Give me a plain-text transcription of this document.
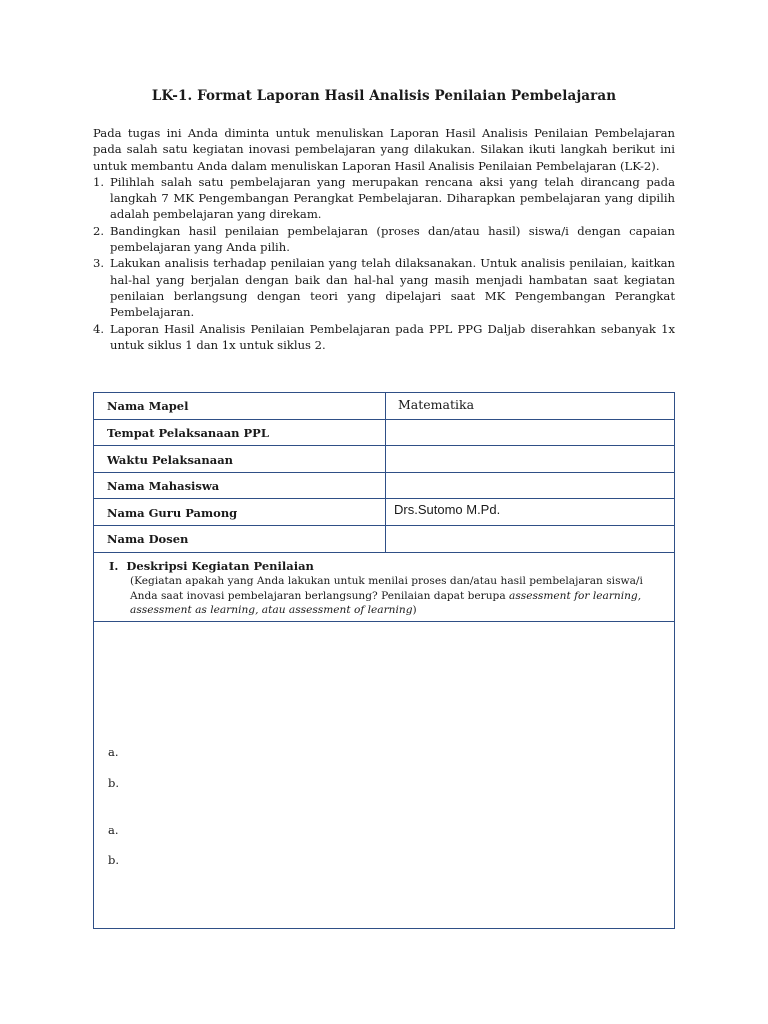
LK-1. Format Laporan Hasil Analisis Penilaian Pembelajaran

Pada tugas ini Anda diminta untuk menuliskan Laporan Hasil Analisis Penilaian Pembelajaran pada salah satu kegiatan inovasi pembelajaran yang dilakukan. Silakan ikuti langkah berikut ini untuk membantu Anda dalam menuliskan Laporan Hasil Analisis Penilaian Pembelajaran (LK-2).

1. Pilihlah salah satu pembelajaran yang merupakan rencana aksi yang telah dirancang pada langkah 7 MK Pengembangan Perangkat Pembelajaran. Diharapkan pembelajaran yang dipilih adalah pembelajaran yang direkam.
2. Bandingkan hasil penilaian pembelajaran (proses dan/atau hasil) siswa/i dengan capaian pembelajaran yang Anda pilih.
3. Lakukan analisis terhadap penilaian yang telah dilaksanakan. Untuk analisis penilaian, kaitkan hal-hal yang berjalan dengan baik dan hal-hal yang masih menjadi hambatan saat kegiatan penilaian berlangsung dengan teori yang dipelajari saat MK Pengembangan Perangkat Pembelajaran.
4. Laporan Hasil Analisis Penilaian Pembelajaran pada PPL PPG Daljab diserahkan sebanyak 1x untuk siklus 1 dan 1x untuk siklus 2.
Nama Mapel	Matematika
Tempat Pelaksanaan PPL
Waktu Pelaksanaan
Nama Mahasiswa
Nama Guru Pamong	Drs.Sutomo M.Pd.
Nama Dosen
I. Deskripsi Kegiatan Penilaian
(Kegiatan apakah yang Anda lakukan untuk menilai proses dan/atau hasil pembelajaran siswa/i Anda saat inovasi pembelajaran berlangsung? Penilaian dapat berupa assessment for learning, assessment as learning, atau assessment of learning)
a.
b.
a.
b.
